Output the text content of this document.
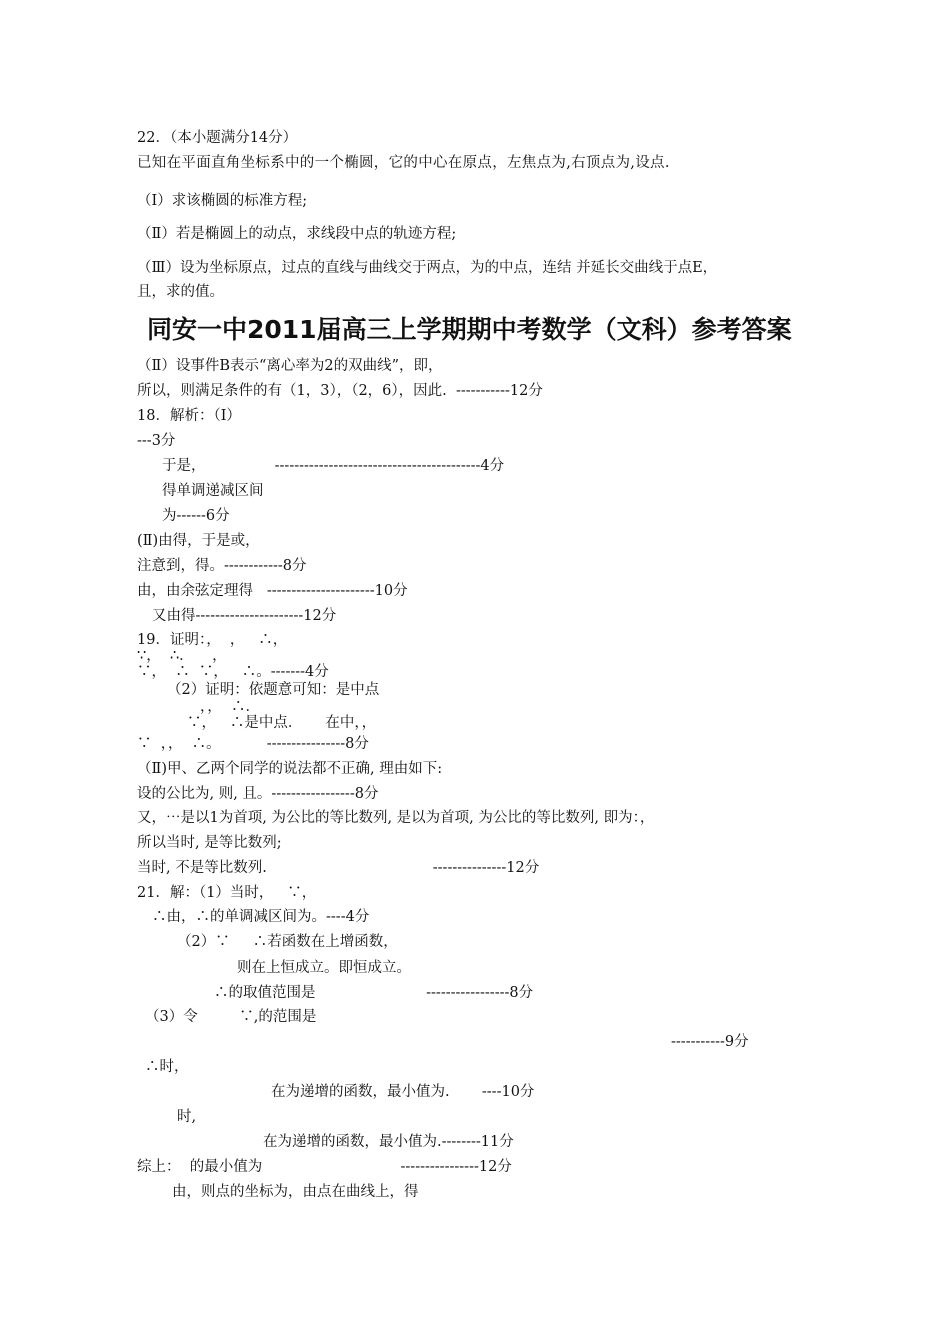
22．（本小题满分14分）
已知在平面直角坐标系中的一个椭圆，它的中心在原点，左焦点为,右顶点为,设点.
（Ⅰ）求该椭圆的标准方程;
（Ⅱ）若是椭圆上的动点，求线段中点的轨迹方程;
（Ⅲ）设为坐标原点，过点的直线与曲线交于两点，为的中点，连结 并延长交曲线于点E，
且，求的值。
同安一中2011届高三上学期期中考数学（文科）参考答案
（Ⅱ）设事件B表示“离心率为2的双曲线”，即，
所以，则满足条件的有（1，3），（2，6），因此.  -----------12分
18．解析：（Ⅰ）
---3分
于是，               ------------------------------------------4分
得单调递减区间
为------6分
(Ⅱ)由得，于是或，
注意到，得。------------8分
由，由余弦定理得   ----------------------10分
又由得----------------------12分
19．证明：，  ，   ∴，
∵，  ∴．    ，
∵，  ∴  ∵，   ∴。-------4分
（2）证明：依题意可知：是中点
，，  ∴．
∵，   ∴是中点．     在中，，
∵  ，，  ∴。          ----------------8分
（Ⅱ)甲、乙两个同学的说法都不正确, 理由如下:
设的公比为, 则, 且。-----------------8分
又，⋯是以1为首项, 为公比的等比数列, 是以为首项, 为公比的等比数列, 即为：，
所以当时, 是等比数列;
当时, 不是等比数列.                                    ---------------12分
21．解：（1）当时，   ∵，
∴由，∴的单调减区间为。----4分
（2）∵     ∴若函数在上增函数，
则在上恒成立。即恒成立。
∴的取值范围是                        -----------------8分
（3）令         ∵,的范围是
-----------9分
∴时，
在为递增的函数，最小值为.       ----10分
时,
在为递增的函数，最小值为.--------11分
综上：  的最小值为                              ----------------12分
由，则点的坐标为，由点在曲线上，得
